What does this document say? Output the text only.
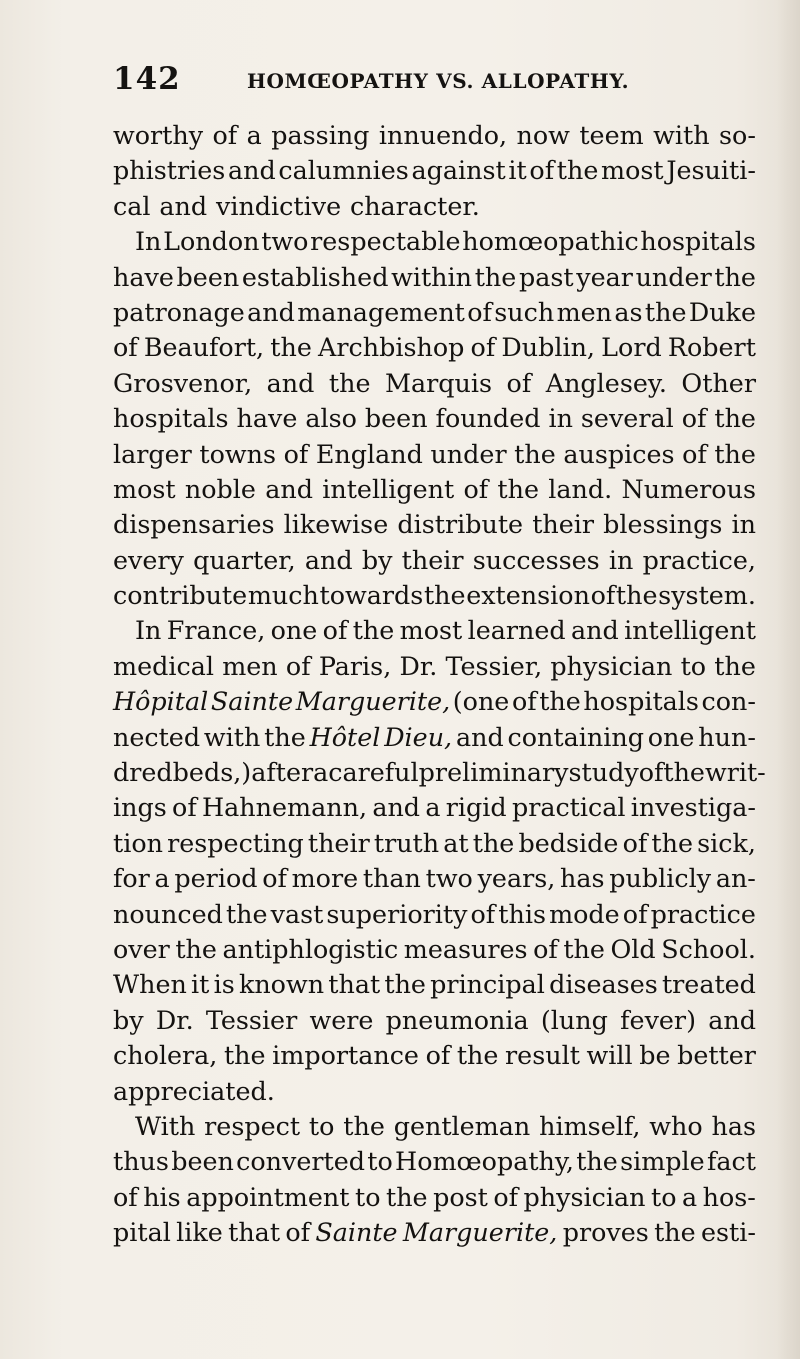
142	HOMŒOPATHY VS. ALLOPATHY.
worthy of a passing innuendo, now teem with so-
phistries and calumnies against it of the most Jesuiti-
cal and vindictive character.
In London two respectable homœopathic hospitals
have been established within the past year under the
patronage and management of such men as the Duke
of Beaufort, the Archbishop of Dublin, Lord Robert
Grosvenor, and the Marquis of Anglesey. Other
hospitals have also been founded in several of the
larger towns of England under the auspices of the
most noble and intelligent of the land. Numerous
dispensaries likewise distribute their blessings in
every quarter, and by their successes in practice,
contribute much towards the extension of the system.
In France, one of the most learned and intelligent
medical men of Paris, Dr. Tessier, physician to the
Hôpital Sainte Marguerite, (one of the hospitals con-
nected with the Hôtel Dieu, and containing one hun-
dred beds,) after a careful preliminary study of the writ-
ings of Hahnemann, and a rigid practical investiga-
tion respecting their truth at the bedside of the sick,
for a period of more than two years, has publicly an-
nounced the vast superiority of this mode of practice
over the antiphlogistic measures of the Old School.
When it is known that the principal diseases treated
by Dr. Tessier were pneumonia (lung fever) and
cholera, the importance of the result will be better
appreciated.
With respect to the gentleman himself, who has
thus been converted to Homœopathy, the simple fact
of his appointment to the post of physician to a hos-
pital like that of Sainte Marguerite, proves the esti-
